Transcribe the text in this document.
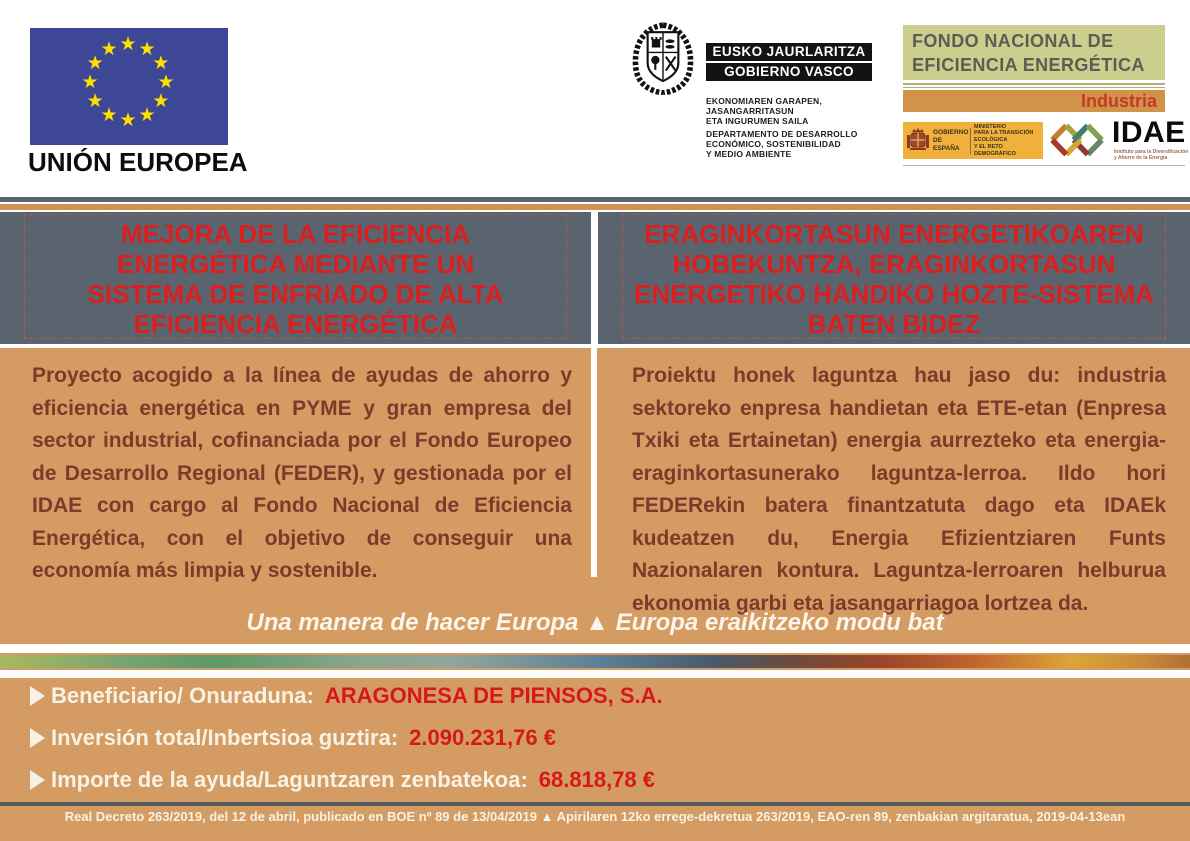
★ ★
★
★
★
★
★
★
★
★
★
★
UNIÓN EUROPEA
EUSKO JAURLARITZA
GOBIERNO VASCO
EKONOMIAREN GARAPEN,
JASANGARRITASUN
ETA INGURUMEN SAILA
DEPARTAMENTO DE DESARROLLO
ECONÓMICO, SOSTENIBILIDAD
Y MEDIO AMBIENTE
FONDO NACIONAL DE EFICIENCIA ENERGÉTICA
Industria
GOBIERNO
DE ESPAÑA
MINISTERIO
PARA LA TRANSICIÓN ECOLÓGICA
Y EL RETO DEMOGRÁFICO
IDAE
Instituto para la Diversificación
y Ahorro de la Energía
MEJORA DE LA EFICIENCIA ENERGÉTICA MEDIANTE UN SISTEMA DE ENFRIADO DE ALTA EFICIENCIA ENERGÉTICA
ERAGINKORTASUN ENERGETIKOAREN HOBEKUNTZA, ERAGINKORTASUN ENERGETIKO HANDIKO HOZTE-SISTEMA BATEN BIDEZ
Proyecto acogido a la línea de ayudas de ahorro y eficiencia energética en PYME y gran empresa del sector industrial, cofinanciada por el Fondo Europeo de Desarrollo Regional (FEDER), y gestionada por el IDAE con cargo al Fondo Nacional de Eficiencia Energética, con el objetivo de conseguir una economía más limpia y sostenible.
Proiektu honek laguntza hau jaso du: industria sektoreko enpresa handietan eta ETE-etan (Enpresa Txiki eta Ertainetan) energia aurrezteko eta energia-eraginkortasunerako laguntza-lerroa. Ildo hori FEDERekin batera finantzatuta dago eta IDAEk kudeatzen du, Energia Efizientziaren Funts Nazionalaren kontura. Laguntza-lerroaren helburua ekonomia garbi eta jasangarriagoa lortzea da.
Una manera de hacer Europa ▲ Europa eraikitzeko modu bat
Beneficiario/ Onuraduna: ARAGONESA DE PIENSOS, S.A.
Inversión total/Inbertsioa guztira: 2.090.231,76 €
Importe de la ayuda/Laguntzaren zenbatekoa: 68.818,78 €
Real Decreto 263/2019, del 12 de abril, publicado en BOE nº 89 de 13/04/2019 ▲ Apirilaren 12ko errege-dekretua 263/2019, EAO-ren 89, zenbakian argitaratua, 2019-04-13ean
